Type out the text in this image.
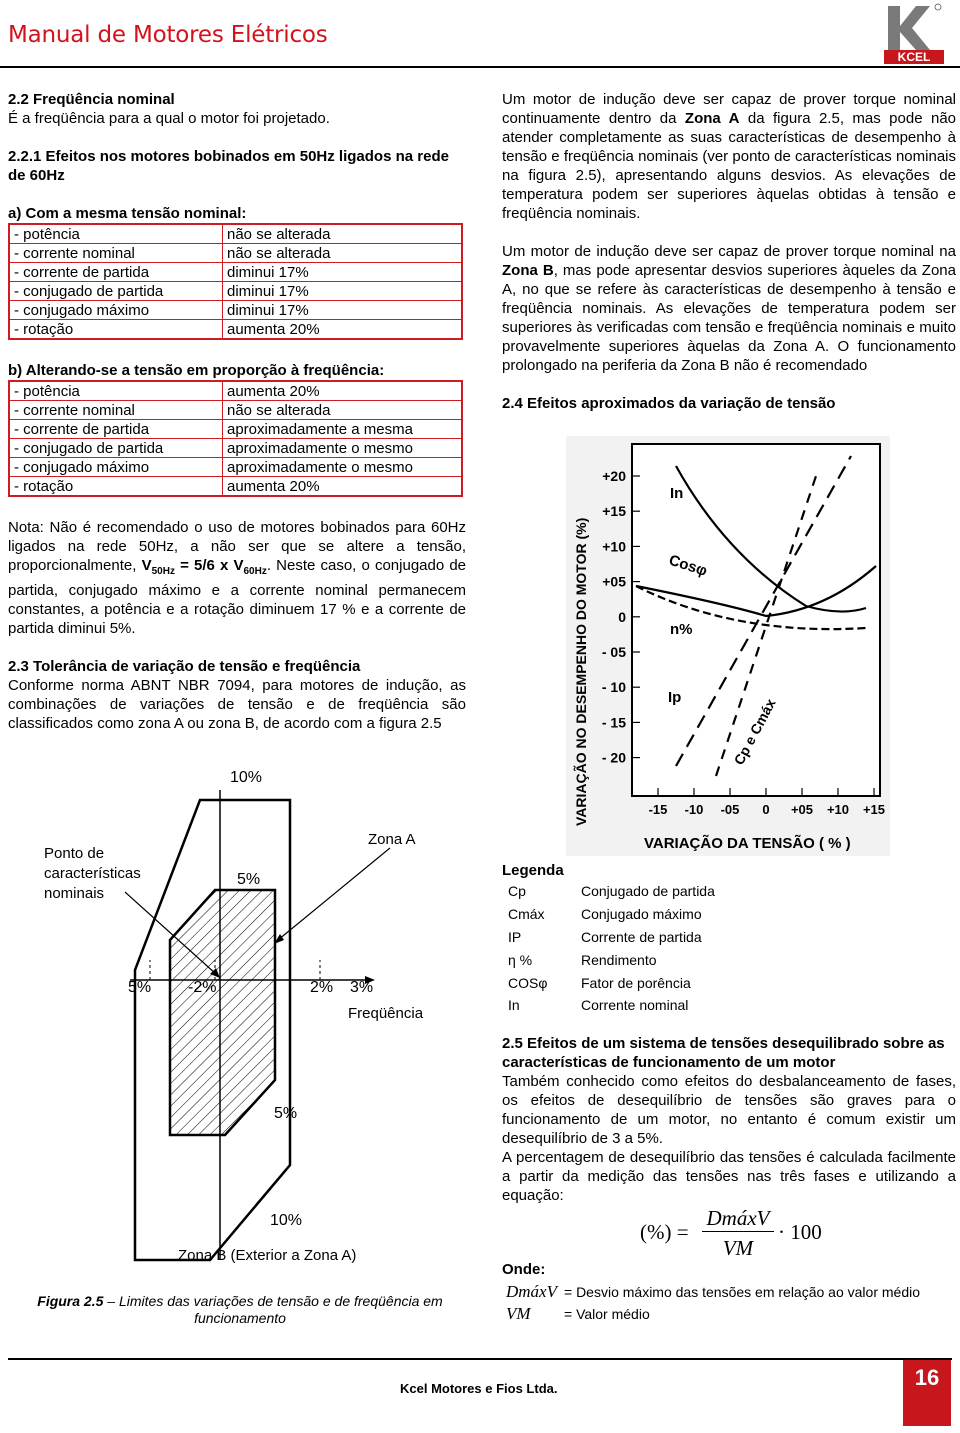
Manual de Motores Elétricos
KCEL
2.2 Freqüência nominal
É a freqüência para a qual o motor foi projetado.
2.2.1 Efeitos nos motores bobinados em 50Hz ligados na rede de 60Hz
a) Com a mesma tensão nominal:
- potência	não se alterada
- corrente nominal	não se alterada
- corrente de partida	diminui 17%
- conjugado de partida	diminui 17%
- conjugado máximo	diminui 17%
- rotação	aumenta 20%
b) Alterando-se a tensão em proporção à freqüência:
- potência	aumenta 20%
- corrente nominal	não se alterada
- corrente de partida	aproximadamente a mesma
- conjugado de partida	aproximadamente o mesmo
- conjugado máximo	aproximadamente o mesmo
- rotação	aumenta 20%
Nota: Não é recomendado o uso de motores bobinados para 60Hz ligados na rede 50Hz, a não ser que se altere a tensão, proporcionalmente, $V_{50Hz} = 5/6$ x $V_{60Hz}$. Neste caso, o conjugado de partida, conjugado máximo e a corrente nominal permanecem constantes, a potência e a rotação diminuem 17 % e a corrente de partida diminui 5%.
2.3 Tolerância de variação de tensão e freqüência
Conforme norma ABNT NBR 7094, para motores de indução, as combinações de variações de tensão e de freqüência são classificados como zona A ou zona B, de acordo com a figura 2.5
10%
Ponto de
características
nominais
Zona A
5%
5% -2%	2% 3%
Freqüência
5%
10%
Zona B (Exterior a Zona A)
Figura 2.5 – Limites das variações de tensão e de freqüência em funcionamento
Um motor de indução deve ser capaz de prover torque nominal continuamente dentro da Zona A da figura 2.5, mas pode não atender completamente as suas características de desempenho à tensão e freqüência nominais (ver ponto de características nominais na figura 2.5), apresentando alguns desvios. As elevações de temperatura podem ser superiores àquelas obtidas à tensão e freqüência nominais.
Um motor de indução deve ser capaz de prover torque nominal na Zona B, mas pode apresentar desvios superiores àqueles da Zona A, no que se refere às características de desempenho à tensão e freqüência nominais. As elevações de temperatura podem ser superiores às verificadas com tensão e freqüência nominais e muito provavelmente superiores àquelas da Zona A. O funcionamento prolongado na periferia da Zona B não é recomendado
2.4 Efeitos aproximados da variação de tensão
VARIAÇÃO NO DESEMPENHO DO MOTOR (%)
+20
+15
+10
+05
0
- 05
- 10
- 15
- 20
-15 -10 -05 0 +05 +10 +15
VARIAÇÃO DA TENSÃO ( % )
In
Cosφ
n%
Ip	Cp e Cmáx
Legenda
Cp	Conjugado de partida
Cmáx	Conjugado máximo
IP	Corrente de partida
η %	Rendimento
COSφ	Fator de porência
In	Corrente nominal
2.5 Efeitos de um sistema de tensões desequilibrado sobre as características de funcionamento de um motor
Também conhecido como efeitos do desbalanceamento de fases, os efeitos de desequilíbrio de tensões são graves para o funcionamento de um motor, no entanto é comum existir um desequilíbrio de 3 a 5%.
A percentagem de desequilíbrio das tensões é calculada facilmente a partir da medição das tensões nas três fases e utilizando a equação:
(%) =
DmáxV
VM
· 100
Onde:
DmáxV = Desvio máximo das tensões em relação ao valor médio
VM = Valor médio
Kcel Motores e Fios Ltda.	16
